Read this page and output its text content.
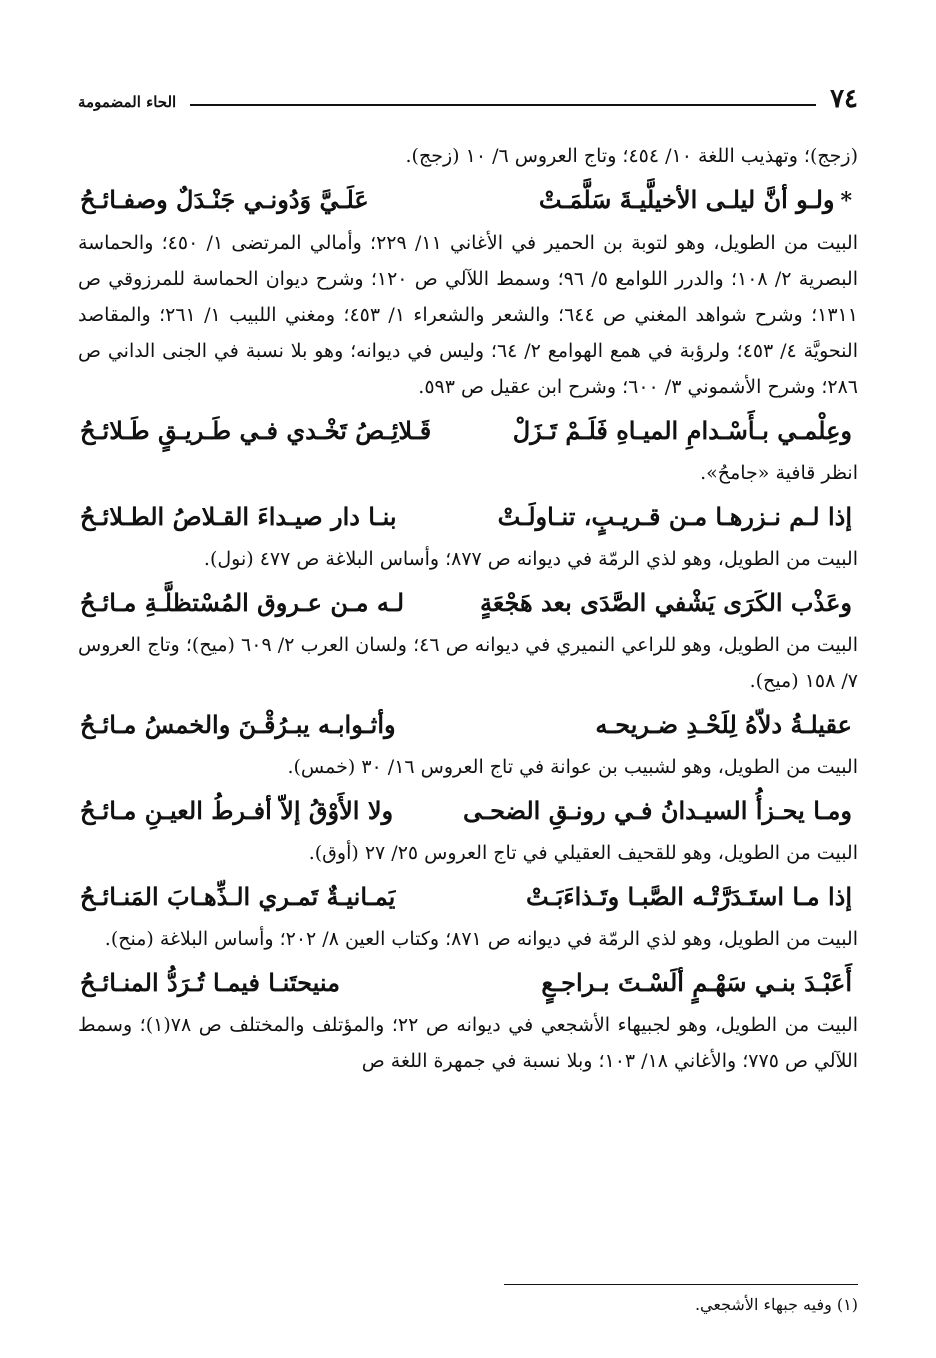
٧٤
الحاء المضمومة

(زجج)؛ وتهذيب اللغة ١٠/ ٤٥٤؛ وتاج العروس ٦/ ١٠ (زجج).

*ولـو أنَّ ليلـى الأخيلَّيـةَ سَلَّمَـتْ
عَلَـيَّ وَدُونـي جَنْـدَلٌ وصفـائـحُ

البيت من الطويل، وهو لتوبة بن الحمير في الأغاني ١١/ ٢٢٩؛ وأمالي المرتضى ١/ ٤٥٠؛ والحماسة البصرية ٢/ ١٠٨؛ والدرر اللوامع ٥/ ٩٦؛ وسمط اللآلي ص ١٢٠؛ وشرح ديوان الحماسة للمرزوقي ص ١٣١١؛ وشرح شواهد المغني ص ٦٤٤؛ والشعر والشعراء ١/ ٤٥٣؛ ومغني اللبيب ١/ ٢٦١؛ والمقاصد النحويَّة ٤/ ٤٥٣؛ ولرؤبة في همع الهوامع ٢/ ٦٤؛ وليس في ديوانه؛ وهو بلا نسبة في الجنى الداني ص ٢٨٦؛ وشرح الأشموني ٣/ ٦٠٠؛ وشرح ابن عقيل ص ٥٩٣.

وعِلْمـي بـأَسْـدامِ الميـاهِ فَلَـمْ تَـزَلْ
قَـلائِـصُ تَخْـدي فـي طَـريـقٍ طَـلائـحُ

انظر قافية «جامحُ».

إذا لـم نـزرهـا مـن قـريـبٍ، تنـاولَـتْ
بنـا دار صيـداءَ القـلاصُ الطـلائـحُ

البيت من الطويل، وهو لذي الرمّة في ديوانه ص ٨٧٧؛ وأساس البلاغة ص ٤٧٧ (نول).

وعَذْب الكَرَى يَشْفي الصَّدَى بعد هَجْعَةٍ
لـه مـن عـروق المُسْتظلَّـةِ مـائـحُ

البيت من الطويل، وهو للراعي النميري في ديوانه ص ٤٦؛ ولسان العرب ٢/ ٦٠٩ (ميح)؛ وتاج العروس ٧/ ١٥٨ (ميح).

عقيلـةُ دلاّهُ لِلَحْـدِ ضـريحـه
وأثـوابـه يبـرُقْـنَ والخمسُ مـائـحُ

البيت من الطويل، وهو لشبيب بن عوانة في تاج العروس ١٦/ ٣٠ (خمس).

ومـا يحـزأُ السيـدانُ فـي رونـقِ الضحـى
ولا الأَوْقُ إلاّ أفـرطُ العيـنِ مـائـحُ

البيت من الطويل، وهو للقحيف العقيلي في تاج العروس ٢٥/ ٢٧ (أوق).

إذا مـا استَـدَرَّتْـه الصَّبـا وتَـذاءَبَـتْ
يَمـانيـةٌ تَمـري الـذِّهـابَ المَنـائـحُ

البيت من الطويل، وهو لذي الرمّة في ديوانه ص ٨٧١؛ وكتاب العين ٨/ ٢٠٢؛ وأساس البلاغة (منح).

أَعَبْـدَ بنـي سَهْـمٍ ألَسْـتَ بـراجـعٍ
منيحتَنـا فيمـا تُـرَدُّ المنـائـحُ

البيت من الطويل، وهو لجبيهاء الأشجعي في ديوانه ص ٢٢؛ والمؤتلف والمختلف ص ٧٨(١)؛ وسمط اللآلي ص ٧٧٥؛ والأغاني ١٨/ ١٠٣؛ وبلا نسبة في جمهرة اللغة ص

(١) وفيه جبهاء الأشجعي.
